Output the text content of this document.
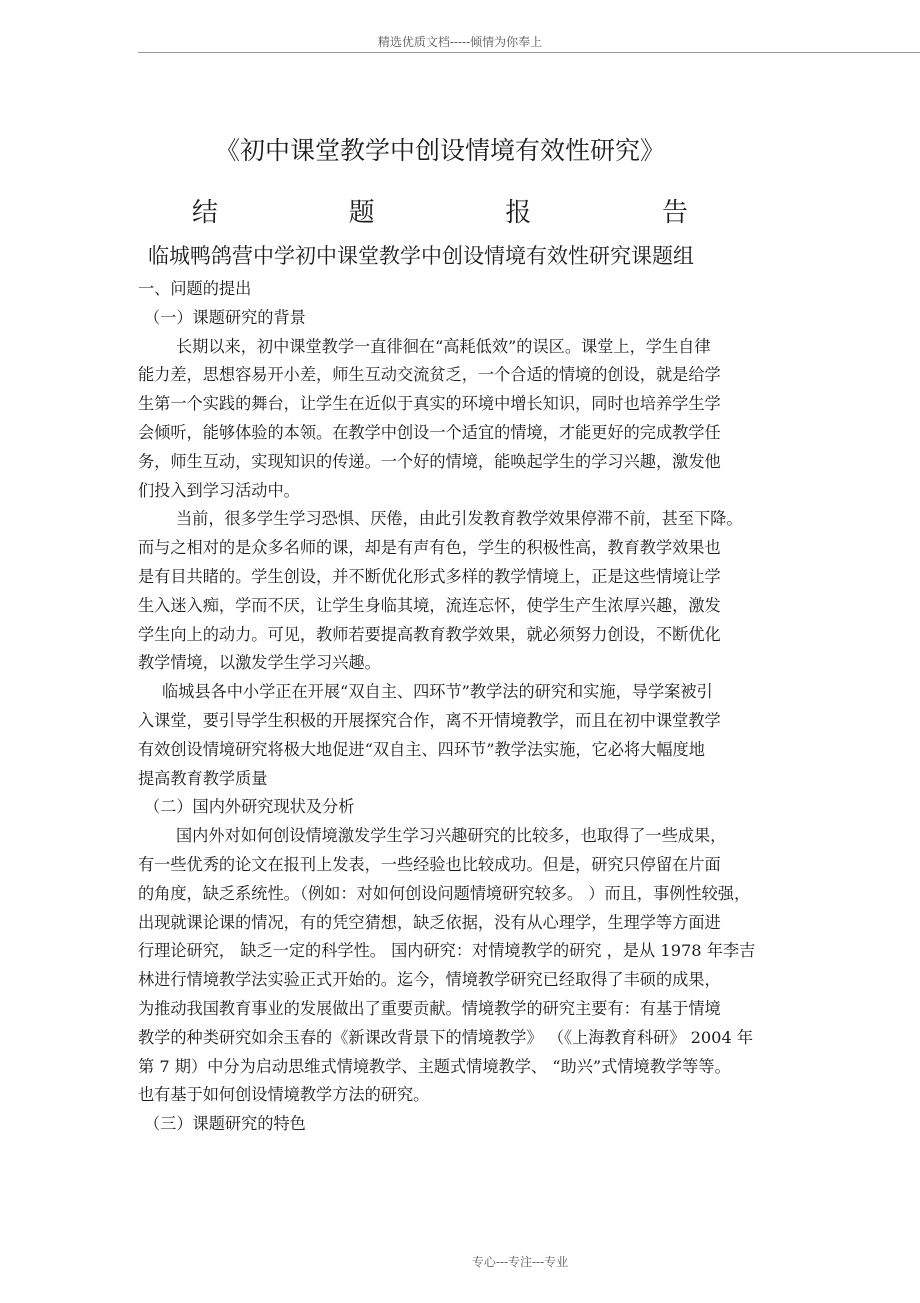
精选优质文档-----倾情为你奉上
《初中课堂教学中创设情境有效性研究》
结	题	报	告
临城鸭鸽营中学初中课堂教学中创设情境有效性研究课题组
一、问题的提出
（一）课题研究的背景
长期以来，初中课堂教学一直徘徊在“高耗低效”的误区。课堂上，学生自律
能力差，思想容易开小差，师生互动交流贫乏，一个合适的情境的创设，就是给学
生第一个实践的舞台，让学生在近似于真实的环境中增长知识，同时也培养学生学
会倾听，能够体验的本领。在教学中创设一个适宜的情境，才能更好的完成教学任
务，师生互动，实现知识的传递。一个好的情境，能唤起学生的学习兴趣，激发他
们投入到学习活动中。
当前，很多学生学习恐惧、厌倦，由此引发教育教学效果停滞不前，甚至下降。
而与之相对的是众多名师的课，却是有声有色，学生的积极性高，教育教学效果也
是有目共睹的。学生创设，并不断优化形式多样的教学情境上，正是这些情境让学
生入迷入痴，学而不厌，让学生身临其境，流连忘怀，使学生产生浓厚兴趣，激发
学生向上的动力。可见，教师若要提高教育教学效果，就必须努力创设，不断优化
教学情境，以激发学生学习兴趣。
临城县各中小学正在开展“双自主、四环节”教学法的研究和实施，导学案被引
入课堂，要引导学生积极的开展探究合作，离不开情境教学，而且在初中课堂教学
有效创设情境研究将极大地促进“双自主、四环节”教学法实施，它必将大幅度地
提高教育教学质量
（二）国内外研究现状及分析
国内外对如何创设情境激发学生学习兴趣研究的比较多，也取得了一些成果，
有一些优秀的论文在报刊上发表，一些经验也比较成功。但是，研究只停留在片面
的角度，缺乏系统性。（例如：对如何创设问题情境研究较多。 ）而且，事例性较强，
出现就课论课的情况，有的凭空猜想，缺乏依据，没有从心理学，生理学等方面进
行理论研究， 缺乏一定的科学性。 国内研究：对情境教学的研究 ，是从 1978 年李吉
林进行情境教学法实验正式开始的。迄今，情境教学研究已经取得了丰硕的成果，
为推动我国教育事业的发展做出了重要贡献。情境教学的研究主要有：有基于情境
教学的种类研究如余玉春的《新课改背景下的情境教学》 （《上海教育科研》 2004 年
第 7 期）中分为启动思维式情境教学、主题式情境教学、 “助兴”式情境教学等等。
也有基于如何创设情境教学方法的研究。
（三）课题研究的特色
专心---专注---专业
